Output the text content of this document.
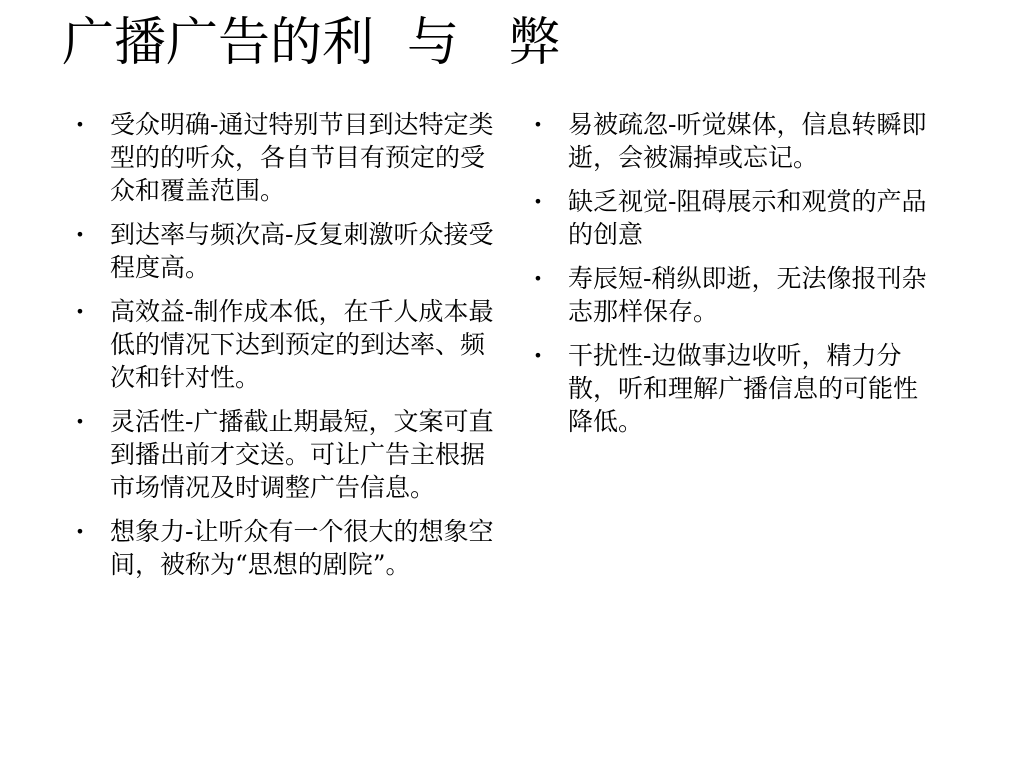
广播广告的利  与   弊
• 受众明确-通过特别节目到达特定类型的的听众，各自节目有预定的受众和覆盖范围。
• 到达率与频次高-反复刺激听众接受程度高。
• 高效益-制作成本低，在千人成本最低的情况下达到预定的到达率、频次和针对性。
• 灵活性-广播截止期最短，文案可直到播出前才交送。可让广告主根据市场情况及时调整广告信息。
• 想象力-让听众有一个很大的想象空间，被称为“思想的剧院”。
• 易被疏忽-听觉媒体，信息转瞬即逝，会被漏掉或忘记。
• 缺乏视觉-阻碍展示和观赏的产品的创意
• 寿辰短-稍纵即逝，无法像报刊杂志那样保存。
• 干扰性-边做事边收听，精力分散，听和理解广播信息的可能性降低。
